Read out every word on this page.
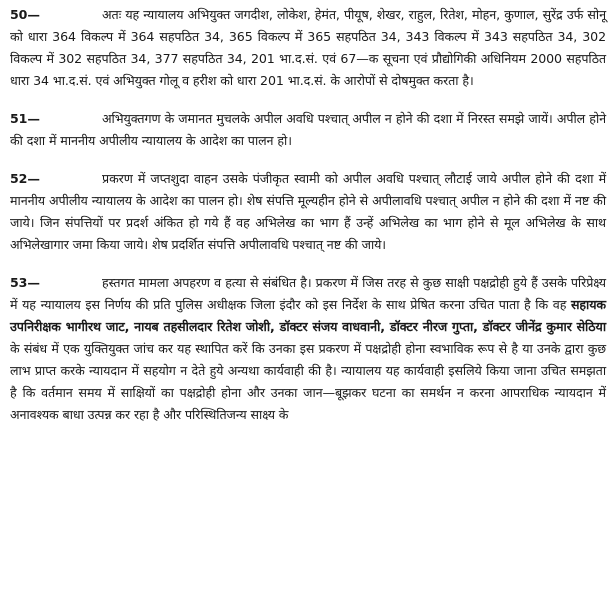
50—	अतः यह न्यायालय अभियुक्त जगदीश, लोकेश, हेमंत, पीयूष, शेखर, राहुल, रितेश, मोहन, कुणाल, सुरेंद्र उर्फ सोनू को धारा 364 विकल्प में 364 सहपठित 34, 365 विकल्प में 365 सहपठित 34, 343 विकल्प में 343 सहपठित 34, 302 विकल्प में 302 सहपठित 34, 377 सहपठित 34, 201 भा.द.सं. एवं 67—क सूचना एवं प्रौद्योगिकी अधिनियम 2000 सहपठित धारा 34 भा.द.सं. एवं अभियुक्त गोलू व हरीश को धारा 201 भा.द.सं. के आरोपों से दोषमुक्त करता है।
51—	अभियुक्तगण के जमानत मुचलके अपील अवधि पश्चात् अपील न होने की दशा में निरस्त समझे जायें। अपील होने की दशा में माननीय अपीलीय न्यायालय के आदेश का पालन हो।
52—	प्रकरण में जप्तशुदा वाहन उसके पंजीकृत स्वामी को अपील अवधि पश्चात् लौटाई जाये अपील होने की दशा में माननीय अपीलीय न्यायालय के आदेश का पालन हो। शेष संपत्ति मूल्यहीन होने से अपीलावधि पश्चात् अपील न होने की दशा में नष्ट की जाये। जिन संपत्तियों पर प्रदर्श अंकित हो गये हैं वह अभिलेख का भाग हैं उन्हें अभिलेख का भाग होने से मूल अभिलेख के साथ अभिलेखागार जमा किया जाये। शेष प्रदर्शित संपत्ति अपीलावधि पश्चात् नष्ट की जाये।
53—	हस्तगत मामला अपहरण व हत्या से संबंधित है। प्रकरण में जिस तरह से कुछ साक्षी पक्षद्रोही हुये हैं उसके परिप्रेक्ष्य में यह न्यायालय इस निर्णय की प्रति पुलिस अधीक्षक जिला इंदौर को इस निर्देश के साथ प्रेषित करना उचित पाता है कि वह सहायक उपनिरीक्षक भागीरथ जाट, नायब तहसीलदार रितेश जोशी, डॉक्टर संजय वाधवानी, डॉक्टर नीरज गुप्ता, डॉक्टर जीनेंद्र कुमार सेठिया के संबंध में एक युक्तियुक्त जांच कर यह स्थापित करें कि उनका इस प्रकरण में पक्षद्रोही होना स्वभाविक रूप से है या उनके द्वारा कुछ लाभ प्राप्त करके न्यायदान में सहयोग न देते हुये अन्यथा कार्यवाही की है। न्यायालय यह कार्यवाही इसलिये किया जाना उचित समझता है कि वर्तमान समय में साक्षियों का पक्षद्रोही होना और उनका जान—बूझकर घटना का समर्थन न करना आपराधिक न्यायदान में अनावश्यक बाधा उत्पन्न कर रहा है और परिस्थितिजन्य साक्ष्य के
